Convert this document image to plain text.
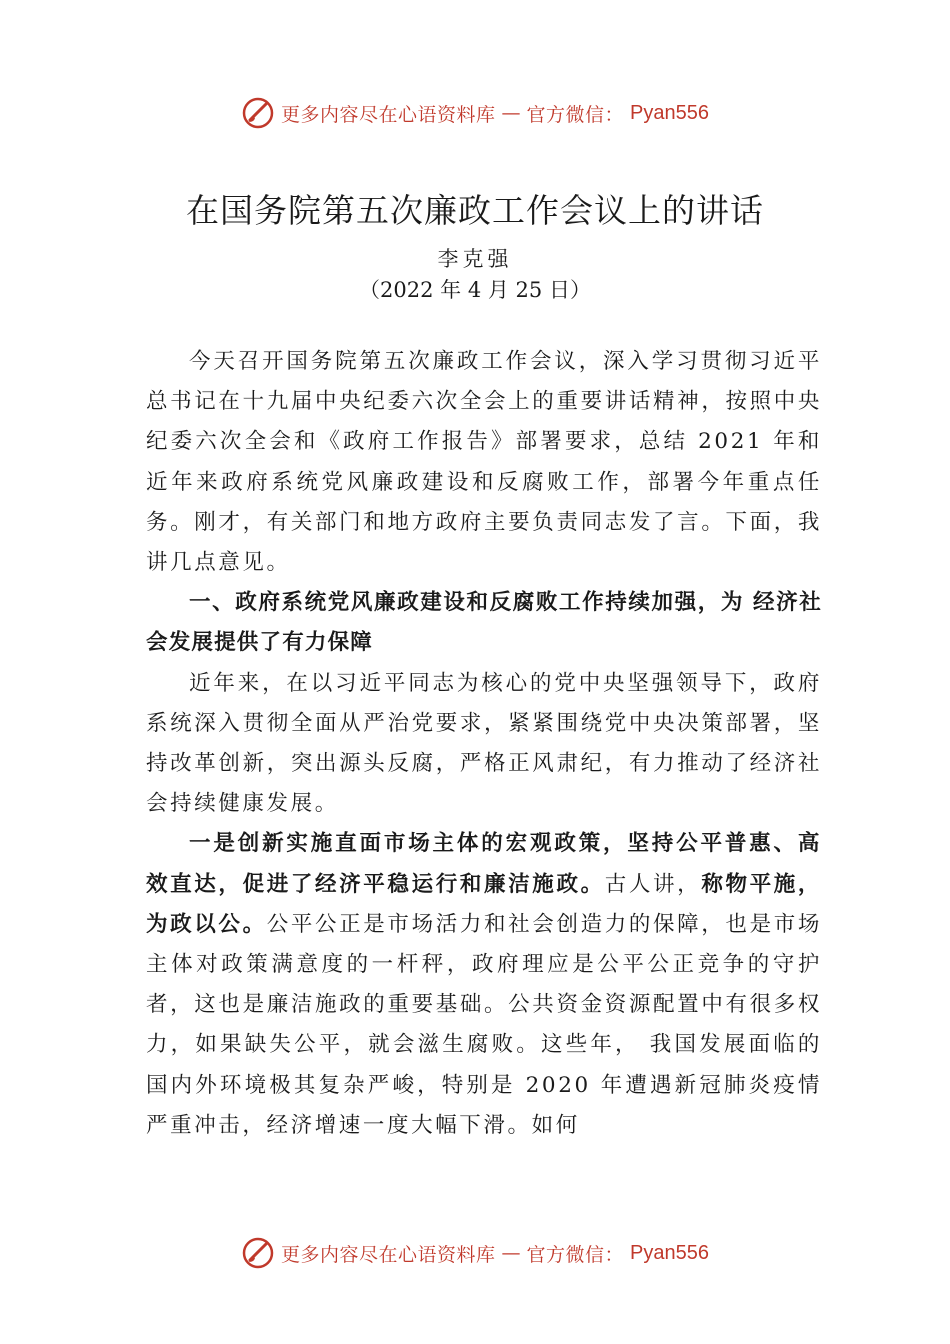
更多内容尽在心语资料库 — 官方微信： Pyan556
在国务院第五次廉政工作会议上的讲话
李克强
（2022 年 4 月 25 日）

今天召开国务院第五次廉政工作会议，深入学习贯彻习近平总书记在十九届中央纪委六次全会上的重要讲话精神，按照中央纪委六次全会和《政府工作报告》部署要求，总结 2021 年和近年来政府系统党风廉政建设和反腐败工作，部署今年重点任务。刚才，有关部门和地方政府主要负责同志发了言。下面，我讲几点意见。

一、政府系统党风廉政建设和反腐败工作持续加强，为 经济社会发展提供了有力保障

近年来，在以习近平同志为核心的党中央坚强领导下，政府系统深入贯彻全面从严治党要求，紧紧围绕党中央决策部署，坚持改革创新，突出源头反腐，严格正风肃纪，有力推动了经济社会持续健康发展。

一是创新实施直面市场主体的宏观政策，坚持公平普惠、高效直达，促进了经济平稳运行和廉洁施政。古人讲，称物平施，为政以公。公平公正是市场活力和社会创造力的保障，也是市场主体对政策满意度的一杆秤，政府理应是公平公正竞争的守护者，这也是廉洁施政的重要基础。公共资金资源配置中有很多权力，如果缺失公平，就会滋生腐败。这些年， 我国发展面临的国内外环境极其复杂严峻，特别是 2020 年遭遇新冠肺炎疫情严重冲击，经济增速一度大幅下滑。如何

更多内容尽在心语资料库 — 官方微信： Pyan556
